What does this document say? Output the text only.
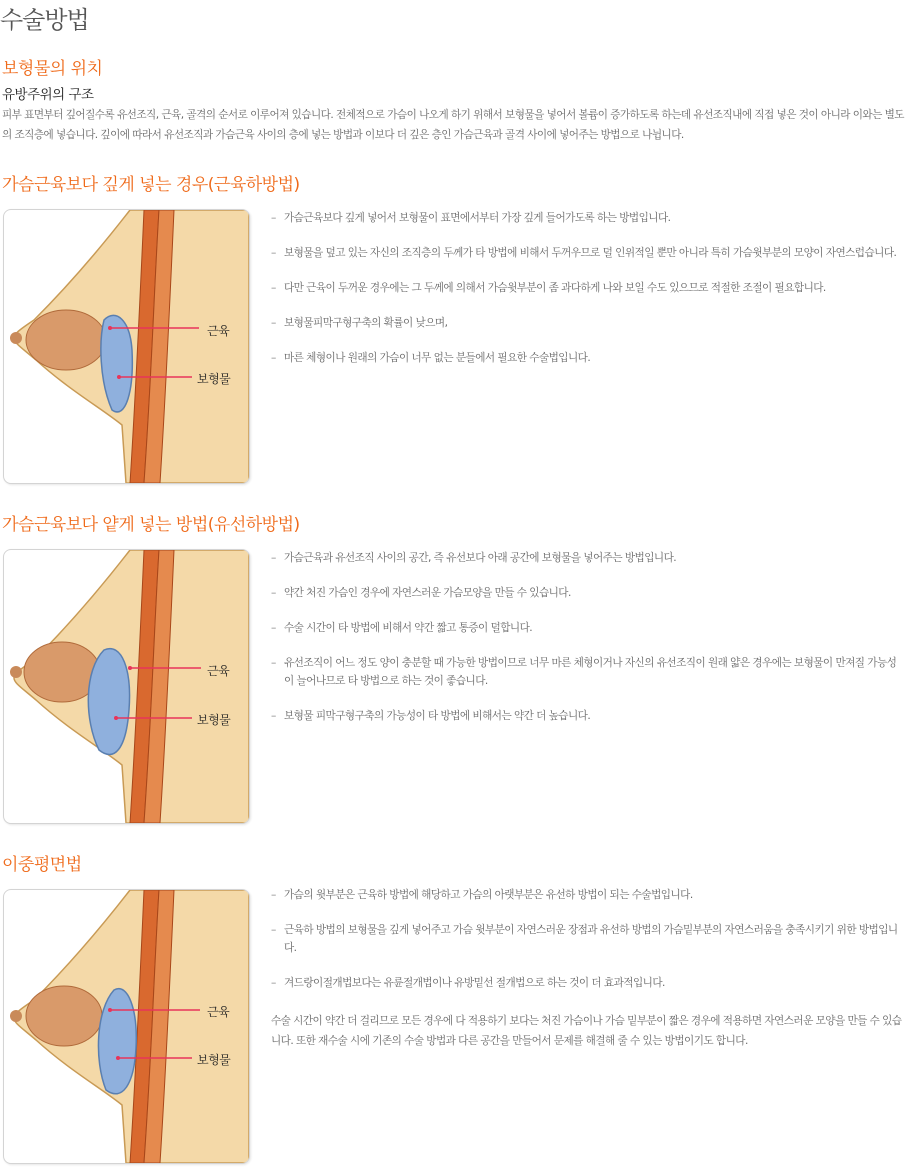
수술방법
보형물의 위치
유방주위의 구조
피부 표면부터 깊어질수록 유선조직, 근육, 골격의 순서로 이루어져 있습니다. 전체적으로 가슴이 나오게 하기 위해서 보형물을 넣어서 볼륨이 증가하도록 하는데 유선조직내에 직접 넣은 것이 아니라 이와는 별도의 조직층에 넣습니다. 깊이에 따라서 유선조직과 가슴근육 사이의 층에 넣는 방법과 이보다 더 깊은 층인 가슴근육과 골격 사이에 넣어주는 방법으로 나뉩니다.
가슴근육보다 깊게 넣는 경우(근육하방법)
근육
보형물
– 가슴근육보다 깊게 넣어서 보형물이 표면에서부터 가장 깊게 들어가도록 하는 방법입니다.
– 보형물을 덮고 있는 자신의 조직층의 두께가 타 방법에 비해서 두꺼우므로 덜 인위적일 뿐만 아니라 특히 가슴윗부분의 모양이 자연스럽습니다.
– 다만 근육이 두꺼운 경우에는 그 두께에 의해서 가슴윗부분이 좀 과다하게 나와 보일 수도 있으므로 적절한 조절이 필요합니다.
– 보형물피막구형구축의 확률이 낮으며,
– 마른 체형이나 원래의 가슴이 너무 없는 분들에서 필요한 수술법입니다.
가슴근육보다 얕게 넣는 방법(유선하방법)
근육
보형물
– 가슴근육과 유선조직 사이의 공간, 즉 유선보다 아래 공간에 보형물을 넣어주는 방법입니다.
– 약간 처진 가슴인 경우에 자연스러운 가슴모양을 만들 수 있습니다.
– 수술 시간이 타 방법에 비해서 약간 짧고 통증이 덜합니다.
– 유선조직이 어느 정도 양이 충분할 때 가능한 방법이므로 너무 마른 체형이거나 자신의 유선조직이 원래 얇은 경우에는 보형물이 만져질 가능성이 늘어나므로 타 방법으로 하는 것이 좋습니다.
– 보형물 피막구형구축의 가능성이 타 방법에 비해서는 약간 더 높습니다.
이중평면법
근육
보형물
– 가슴의 윗부분은 근육하 방법에 해당하고 가슴의 아랫부분은 유선하 방법이 되는 수술법입니다.
– 근육하 방법의 보형물을 깊게 넣어주고 가슴 윗부분이 자연스러운 장점과 유선하 방법의 가슴밑부분의 자연스러움을 충족시키기 위한 방법입니다.
– 겨드랑이절개법보다는 유륜절개법이나 유방밑선 절개법으로 하는 것이 더 효과적입니다.
수술 시간이 약간 더 걸리므로 모든 경우에 다 적용하기 보다는 처진 가슴이나 가슴 밑부분이 짧은 경우에 적용하면 자연스러운 모양을 만들 수 있습니다. 또한 재수술 시에 기존의 수술 방법과 다른 공간을 만들어서 문제를 해결해 줄 수 있는 방법이기도 합니다.
